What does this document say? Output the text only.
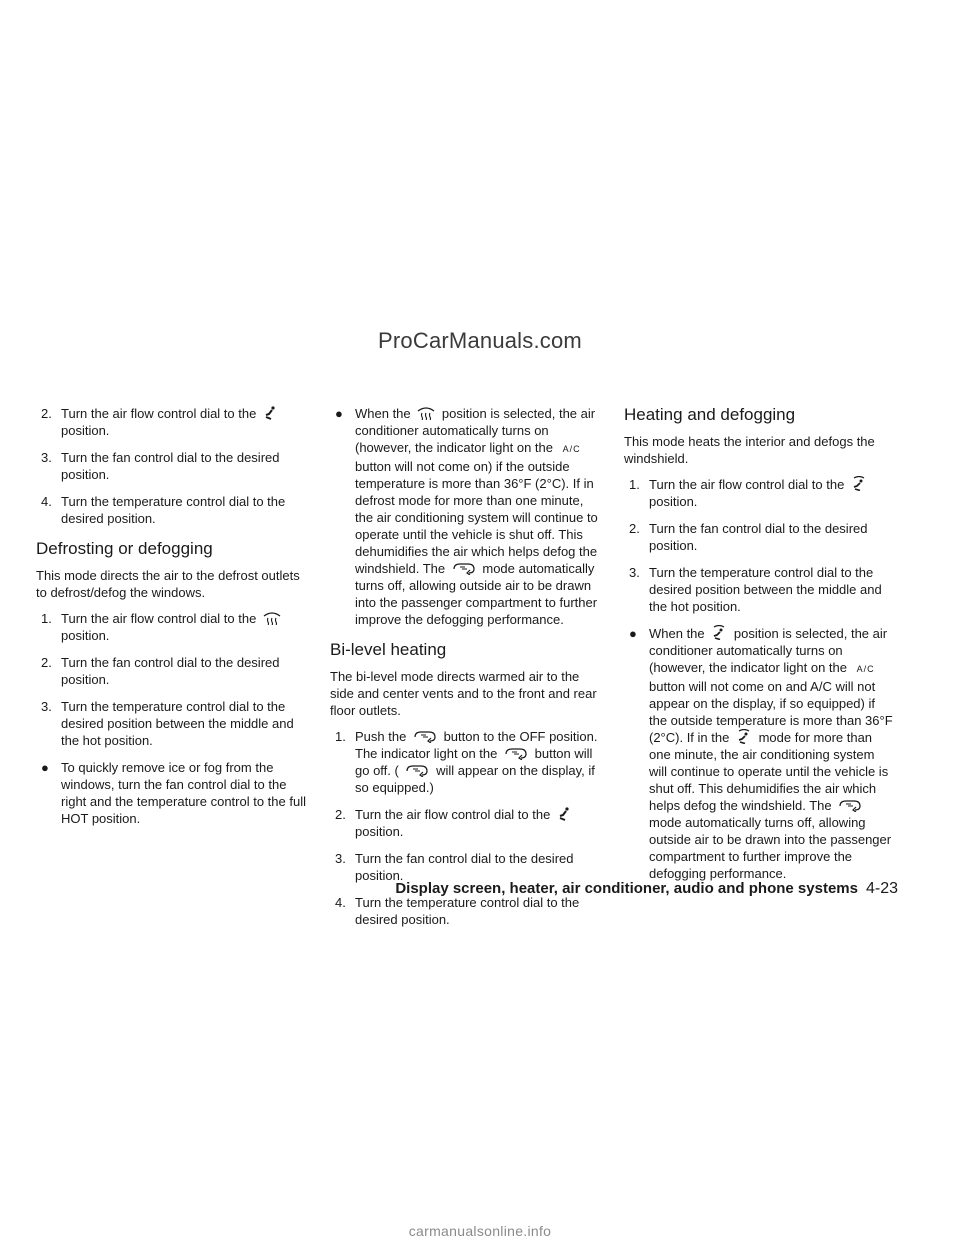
ProCarManuals.com
2. Turn the air flow control dial to the  position.
3. Turn the fan control dial to the desired position.
4. Turn the temperature control dial to the desired position.
Defrosting or defogging

This mode directs the air to the defrost outlets to defrost/defog the windows.

1. Turn the air flow control dial to the  position.
2. Turn the fan control dial to the desired position.
3. Turn the temperature control dial to the desired position between the middle and the hot position.
● To quickly remove ice or fog from the windows, turn the fan control dial to the right and the temperature control to the full HOT position.
● When the position is selected, the air conditioner automatically turns on (however, the indicator light on the A/C button will not come on) if the outside temperature is more than 36°F (2°C). If in defrost mode for more than one minute, the air conditioning system will continue to operate until the vehicle is shut off. This dehumidifies the air which helps defog the windshield. The	mode automatically turns off, allowing outside air to be drawn into the passenger compartment to further improve the defogging performance.
Bi-level heating

The bi-level mode directs warmed air to the side and center vents and to the front and rear floor outlets.

1. Push the	button to the OFF position. The indicator light on the	button will go off. (	will appear on the display, if so equipped.)
2. Turn the air flow control dial to the  position.
3. Turn the fan control dial to the desired position.
4. Turn the temperature control dial to the desired position.
Heating and defogging

This mode heats the interior and defogs the windshield.

1. Turn the air flow control dial to the  position.
2. Turn the fan control dial to the desired position.
3. Turn the temperature control dial to the desired position between the middle and the hot position.
● When the position is selected, the air conditioner automatically turns on (however, the indicator light on the A/C button will not come on and A/C will not appear on the display, if so equipped) if the outside temperature is more than 36°F (2°C). If in the mode for more than one minute, the air conditioning system will continue to operate until the vehicle is shut off. This dehumidifies the air which helps defog the windshield. The  mode automatically turns off, allowing outside air to be drawn into the passenger compartment to further improve the defogging performance.
Display screen, heater, air conditioner, audio and phone systems 4-23
carmanualsonline.info
